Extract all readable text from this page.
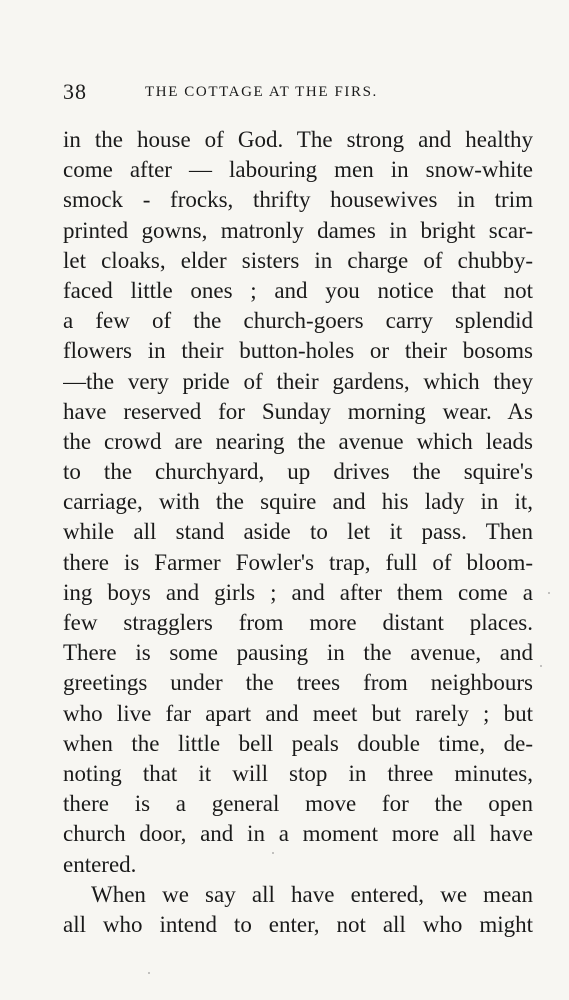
38	THE COTTAGE AT THE FIRS.
in the house of God. The strong and healthy
come after — labouring men in snow-white
smock - frocks, thrifty housewives in trim
printed gowns, matronly dames in bright scar-
let cloaks, elder sisters in charge of chubby-
faced little ones ; and you notice that not
a few of the church-goers carry splendid
flowers in their button-holes or their bosoms
—the very pride of their gardens, which they
have reserved for Sunday morning wear. As
the crowd are nearing the avenue which leads
to the churchyard, up drives the squire's
carriage, with the squire and his lady in it,
while all stand aside to let it pass. Then
there is Farmer Fowler's trap, full of bloom-
ing boys and girls ; and after them come a
few stragglers from more distant places.
There is some pausing in the avenue, and
greetings under the trees from neighbours
who live far apart and meet but rarely ; but
when the little bell peals double time, de-
noting that it will stop in three minutes,
there is a general move for the open
church door, and in a moment more all have
entered.
When we say all have entered, we mean
all who intend to enter, not all who might
